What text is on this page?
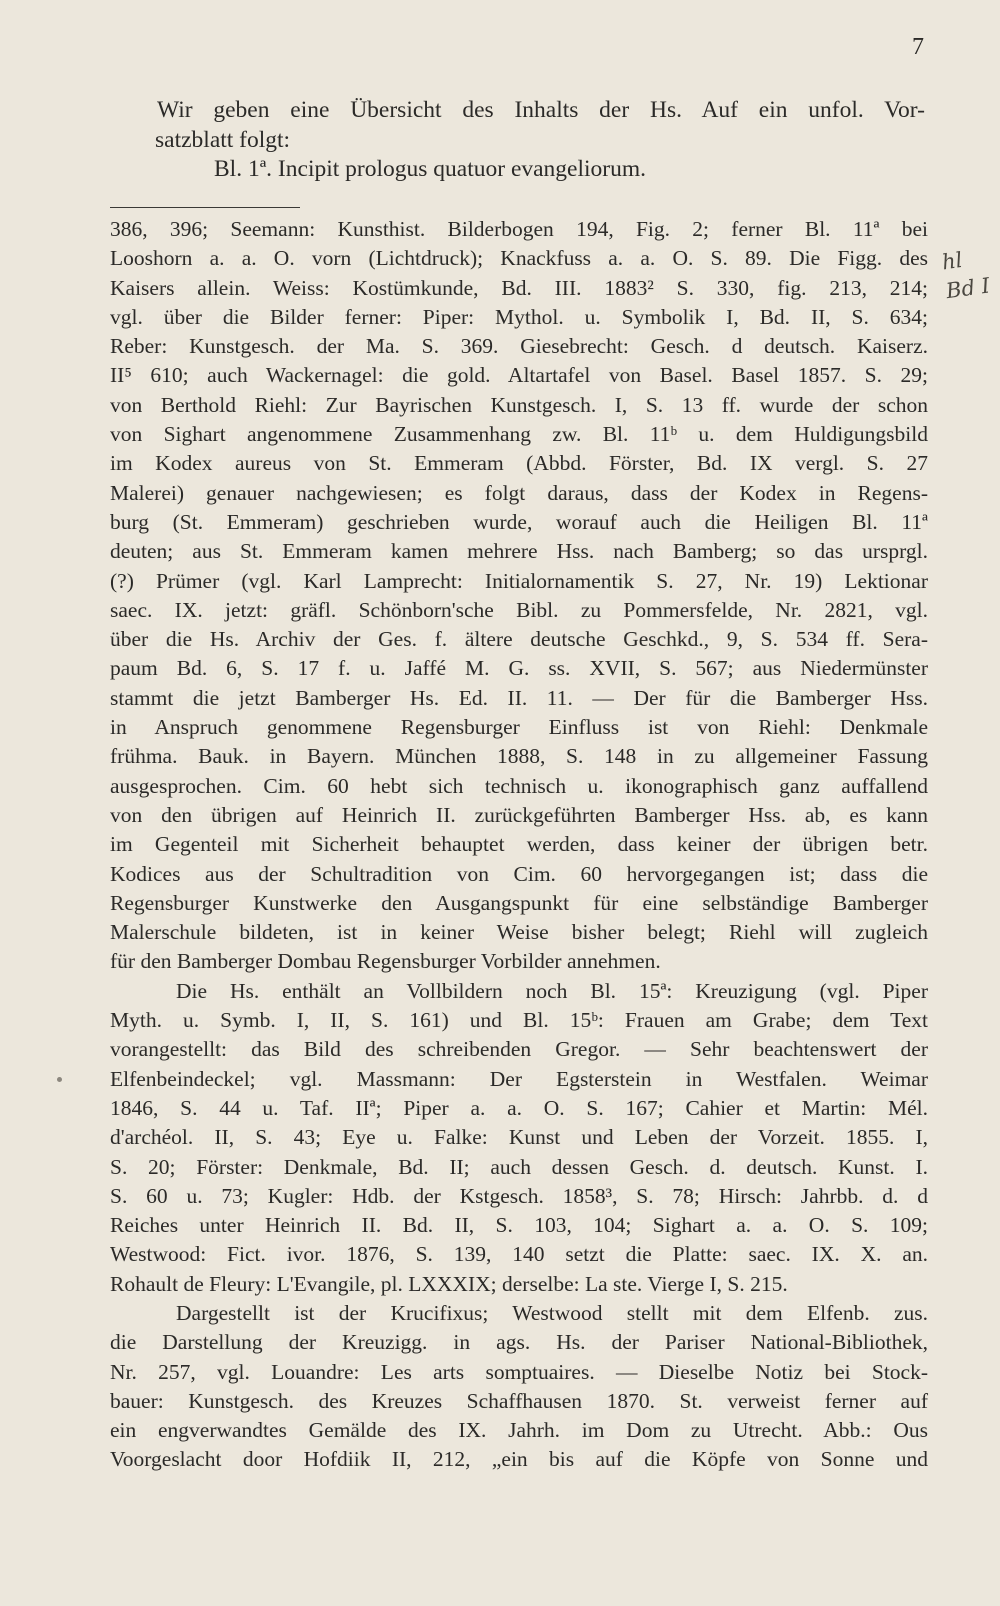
7
Wir geben eine Übersicht des Inhalts der Hs. Auf ein unfol. Vor-
satzblatt folgt:
Bl. 1ª. Incipit prologus quatuor evangeliorum.
386, 396; Seemann: Kunsthist. Bilderbogen 194, Fig. 2; ferner Bl. 11ª bei
Looshorn a. a. O. vorn (Lichtdruck); Knackfuss a. a. O. S. 89. Die Figg. des
Kaisers allein. Weiss: Kostümkunde, Bd. III. 1883² S. 330, fig. 213, 214;
vgl. über die Bilder ferner: Piper: Mythol. u. Symbolik I, Bd. II, S. 634;
Reber: Kunstgesch. der Ma. S. 369. Giesebrecht: Gesch. d deutsch. Kaiserz.
II⁵ 610; auch Wackernagel: die gold. Altartafel von Basel. Basel 1857. S. 29;
von Berthold Riehl: Zur Bayrischen Kunstgesch. I, S. 13 ff. wurde der schon
von Sighart angenommene Zusammenhang zw. Bl. 11ᵇ u. dem Huldigungsbild
im Kodex aureus von St. Emmeram (Abbd. Förster, Bd. IX vergl. S. 27
Malerei) genauer nachgewiesen; es folgt daraus, dass der Kodex in Regens-
burg (St. Emmeram) geschrieben wurde, worauf auch die Heiligen Bl. 11ª
deuten; aus St. Emmeram kamen mehrere Hss. nach Bamberg; so das ursprgl.
(?) Prümer (vgl. Karl Lamprecht: Initialornamentik S. 27, Nr. 19) Lektionar
saec. IX. jetzt: gräfl. Schönborn'sche Bibl. zu Pommersfelde, Nr. 2821, vgl.
über die Hs. Archiv der Ges. f. ältere deutsche Geschkd., 9, S. 534 ff. Sera-
paum Bd. 6, S. 17 f. u. Jaffé M. G. ss. XVII, S. 567; aus Niedermünster
stammt die jetzt Bamberger Hs. Ed. II. 11. — Der für die Bamberger Hss.
in Anspruch genommene Regensburger Einfluss ist von Riehl: Denkmale
frühma. Bauk. in Bayern. München 1888, S. 148 in zu allgemeiner Fassung
ausgesprochen. Cim. 60 hebt sich technisch u. ikonographisch ganz auffallend
von den übrigen auf Heinrich II. zurückgeführten Bamberger Hss. ab, es kann
im Gegenteil mit Sicherheit behauptet werden, dass keiner der übrigen betr.
Kodices aus der Schultradition von Cim. 60 hervorgegangen ist; dass die
Regensburger Kunstwerke den Ausgangspunkt für eine selbständige Bamberger
Malerschule bildeten, ist in keiner Weise bisher belegt; Riehl will zugleich
für den Bamberger Dombau Regensburger Vorbilder annehmen.
Die Hs. enthält an Vollbildern noch Bl. 15ª: Kreuzigung (vgl. Piper
Myth. u. Symb. I, II, S. 161) und Bl. 15ᵇ: Frauen am Grabe; dem Text
vorangestellt: das Bild des schreibenden Gregor. — Sehr beachtenswert der
Elfenbeindeckel; vgl. Massmann: Der Egsterstein in Westfalen. Weimar
1846, S. 44 u. Taf. IIª; Piper a. a. O. S. 167; Cahier et Martin: Mél.
d'archéol. II, S. 43; Eye u. Falke: Kunst und Leben der Vorzeit. 1855. I,
S. 20; Förster: Denkmale, Bd. II; auch dessen Gesch. d. deutsch. Kunst. I.
S. 60 u. 73; Kugler: Hdb. der Kstgesch. 1858³, S. 78; Hirsch: Jahrbb. d. d
Reiches unter Heinrich II. Bd. II, S. 103, 104; Sighart a. a. O. S. 109;
Westwood: Fict. ivor. 1876, S. 139, 140 setzt die Platte: saec. IX. X. an.
Rohault de Fleury: L'Evangile, pl. LXXXIX; derselbe: La ste. Vierge I, S. 215.
Dargestellt ist der Krucifixus; Westwood stellt mit dem Elfenb. zus.
die Darstellung der Kreuzigg. in ags. Hs. der Pariser National-Bibliothek,
Nr. 257, vgl. Louandre: Les arts somptuaires. — Dieselbe Notiz bei Stock-
bauer: Kunstgesch. des Kreuzes Schaffhausen 1870. St. verweist ferner auf
ein engverwandtes Gemälde des IX. Jahrh. im Dom zu Utrecht. Abb.: Ous
Voorgeslacht door Hofdiik II, 212, „ein bis auf die Köpfe von Sonne und
hl Bd I
